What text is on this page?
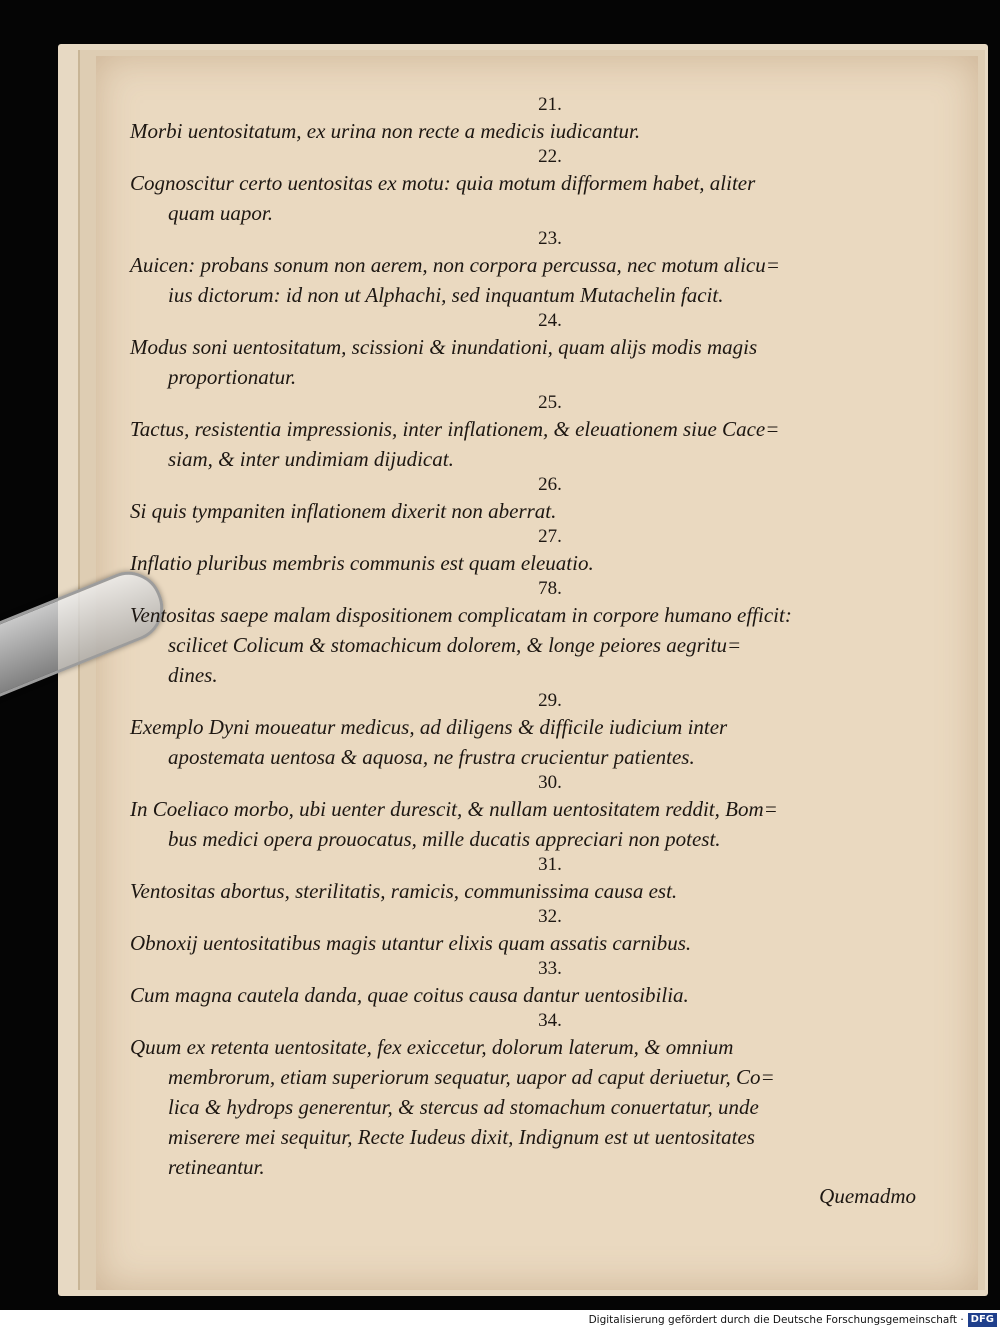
21.
Morbi uentositatum, ex urina non recte a medicis iudicantur.
22.
Cognoscitur certo uentositas ex motu: quia motum difformem habet, aliter
quam uapor.
23.
Auicen: probans sonum non aerem, non corpora percussa, nec motum alicu=
ius dictorum: id non ut Alphachi, sed inquantum Mutachelin facit.
24.
Modus soni uentositatum, scissioni & inundationi, quam alijs modis magis
proportionatur.
25.
Tactus, resistentia impressionis, inter inflationem, & eleuationem siue Cace=
siam, & inter undimiam dijudicat.
26.
Si quis tympaniten inflationem dixerit non aberrat.
27.
Inflatio pluribus membris communis est quam eleuatio.
78.
Ventositas saepe malam dispositionem complicatam in corpore humano efficit:
scilicet Colicum & stomachicum dolorem, & longe peiores aegritu=
dines.
29.
Exemplo Dyni moueatur medicus, ad diligens & difficile iudicium inter
apostemata uentosa & aquosa, ne frustra crucientur patientes.
30.
In Coeliaco morbo, ubi uenter durescit, & nullam uentositatem reddit, Bom=
bus medici opera prouocatus, mille ducatis appreciari non potest.
31.
Ventositas abortus, sterilitatis, ramicis, communissima causa est.
32.
Obnoxij uentositatibus magis utantur elixis quam assatis carnibus.
33.
Cum magna cautela danda, quae coitus causa dantur uentosibilia.
34.
Quum ex retenta uentositate, fex exiccetur, dolorum laterum, & omnium
membrorum, etiam superiorum sequatur, uapor ad caput deriuetur, Co=
lica & hydrops generentur, & stercus ad stomachum conuertatur, unde
miserere mei sequitur, Recte Iudeus dixit, Indignum est ut uentositates
retineantur.
Quemadmo
Digitalisierung gefördert durch die Deutsche Forschungsgemeinschaft · DFG
